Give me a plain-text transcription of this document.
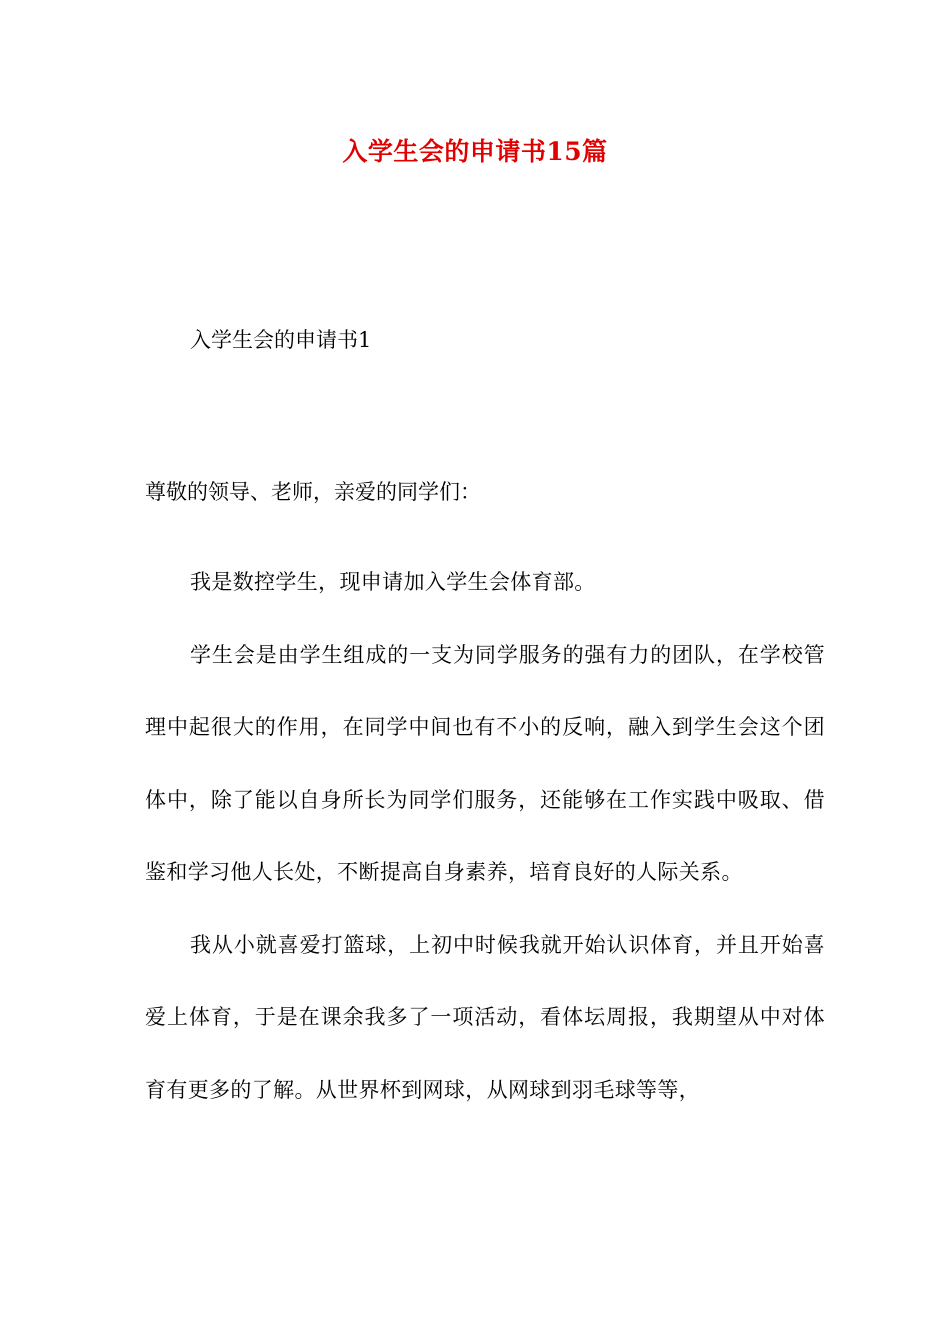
入学生会的申请书15篇
入学生会的申请书1
尊敬的领导、老师，亲爱的同学们：

我是数控学生，现申请加入学生会体育部。

学生会是由学生组成的一支为同学服务的强有力的团队，在学校管理中起很大的作用，在同学中间也有不小的反响，融入到学生会这个团体中，除了能以自身所长为同学们服务，还能够在工作实践中吸取、借鉴和学习他人长处，不断提高自身素养，培育良好的人际关系。

我从小就喜爱打篮球，上初中时候我就开始认识体育，并且开始喜爱上体育，于是在课余我多了一项活动，看体坛周报，我期望从中对体育有更多的了解。从世界杯到网球，从网球到羽毛球等等，
